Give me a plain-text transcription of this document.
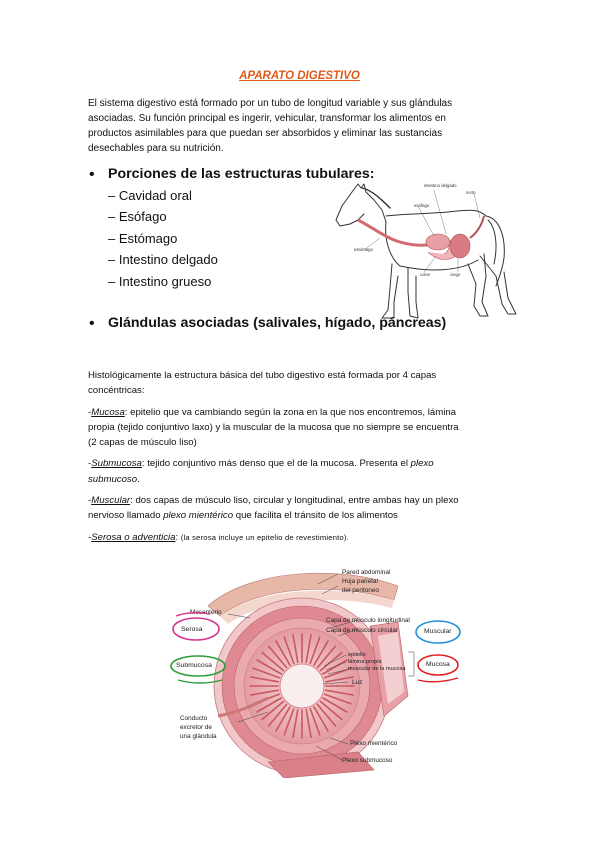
APARATO DIGESTIVO

El sistema digestivo está formado por un tubo de longitud variable y sus glándulas

asociadas. Su función principal es ingerir, vehicular, transformar los alimentos en

productos asimilables para que puedan ser absorbidos y eliminar las sustancias

desechables para su nutrición.

intestino delgado
recto
esófago
estómago
colon	ciego
• Porciones de las estructuras tubulares:
– Cavidad oral
– Esófago
– Estómago
– Intestino delgado
– Intestino grueso
• Glándulas asociadas (salivales, hígado, páncreas)

Histológicamente la estructura básica del tubo digestivo está formada por 4 capas
concéntricas:

-Mucosa: epitelio que va cambiando según la zona en la que nos encontremos, lámina
propia (tejido conjuntivo laxo) y la muscular de la mucosa que no siempre se encuentra
(2 capas de músculo liso)

-Submucosa: tejido conjuntivo más denso que el de la mucosa. Presenta el plexo
submucoso.

-Muscular: dos capas de músculo liso, circular y longitudinal, entre ambas hay un plexo
nervioso llamado plexo mientérico que facilita el tránsito de los alimentos

-Serosa o adventicia: (la serosa incluye un epitelio de revestimiento).

Pared abdominal
Hoja parietal
del peritoneo
Mesenterio
Capa de músculo longitudinal
Capa de músculo circular
epitelio
lámina propia
muscular de la mucosa
Luz
Conducto
excretor de
una glándula
Plexo mientérico
Plexo submucoso
Serosa
Submucosa
Muscular
Mucosa
